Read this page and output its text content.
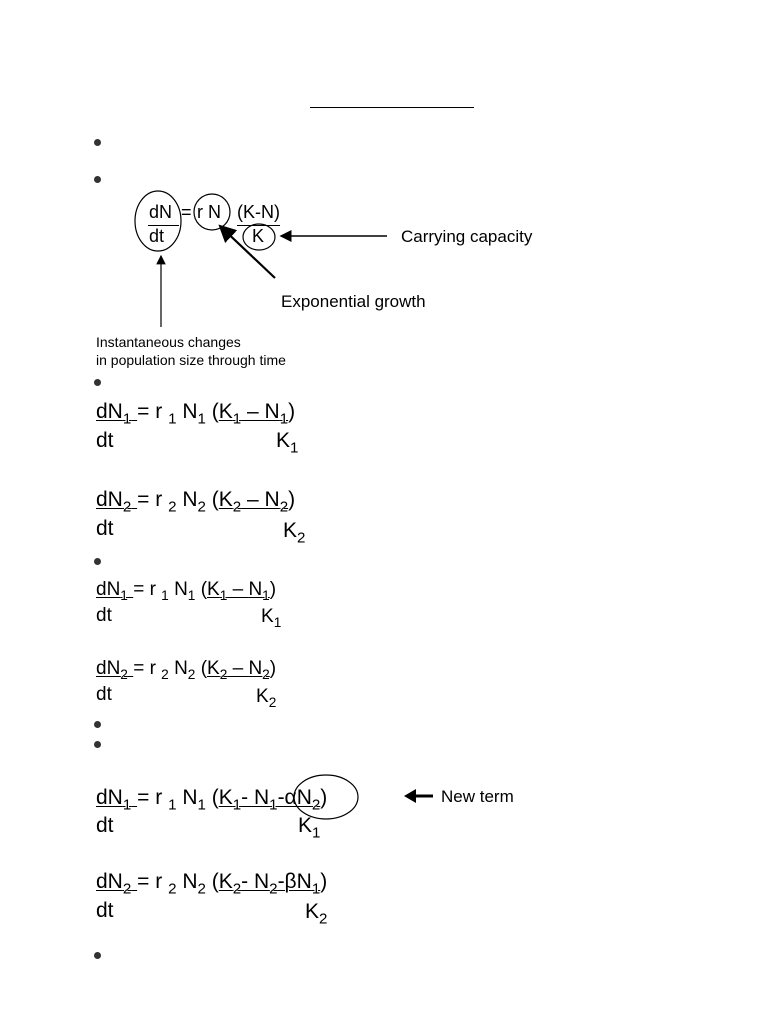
dN
dt
= r N (K-N)
K	Carrying capacity
Exponential growth
Instantaneous changes
in population size through time
$dN_1 = r$ $_1$ $N_1$ $(K_1 - N_1)$
dt	$K_1$
$dN_2 = r$ $_2$ $N_2$ $(K_2 - N_2)$
dt	$K_2$
$dN_1 = r$ $_1$ $N_1$ $(K_1 - N_1)$
dt	$K_1$
$dN_2 = r$ $_2$ $N_2$ $(K_2 - N_2)$
dt	$K_2$
$dN_1 = r$ $_1$ $N_1$ ($K_1-$ $N_1-\alpha N_2$)
dt	$K_1$
New term
$dN_2 = r$ $_2$ $N_2$ ($K_2-$ $N_2-\beta N_1$)
dt	$K_2$
